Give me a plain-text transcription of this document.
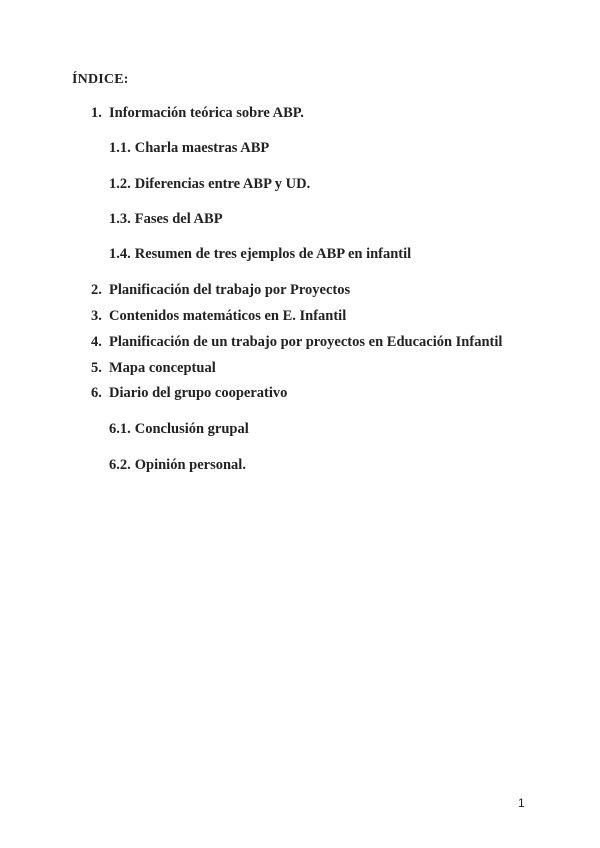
ÍNDICE:
1. Información teórica sobre ABP.
1.1. Charla maestras ABP
1.2. Diferencias entre ABP y UD.
1.3. Fases del ABP
1.4. Resumen de tres ejemplos de ABP en infantil
2. Planificación del trabajo por Proyectos
3. Contenidos matemáticos en E. Infantil
4. Planificación de un trabajo por proyectos en Educación Infantil
5. Mapa conceptual
6. Diario del grupo cooperativo
6.1. Conclusión grupal
6.2. Opinión personal.
1
